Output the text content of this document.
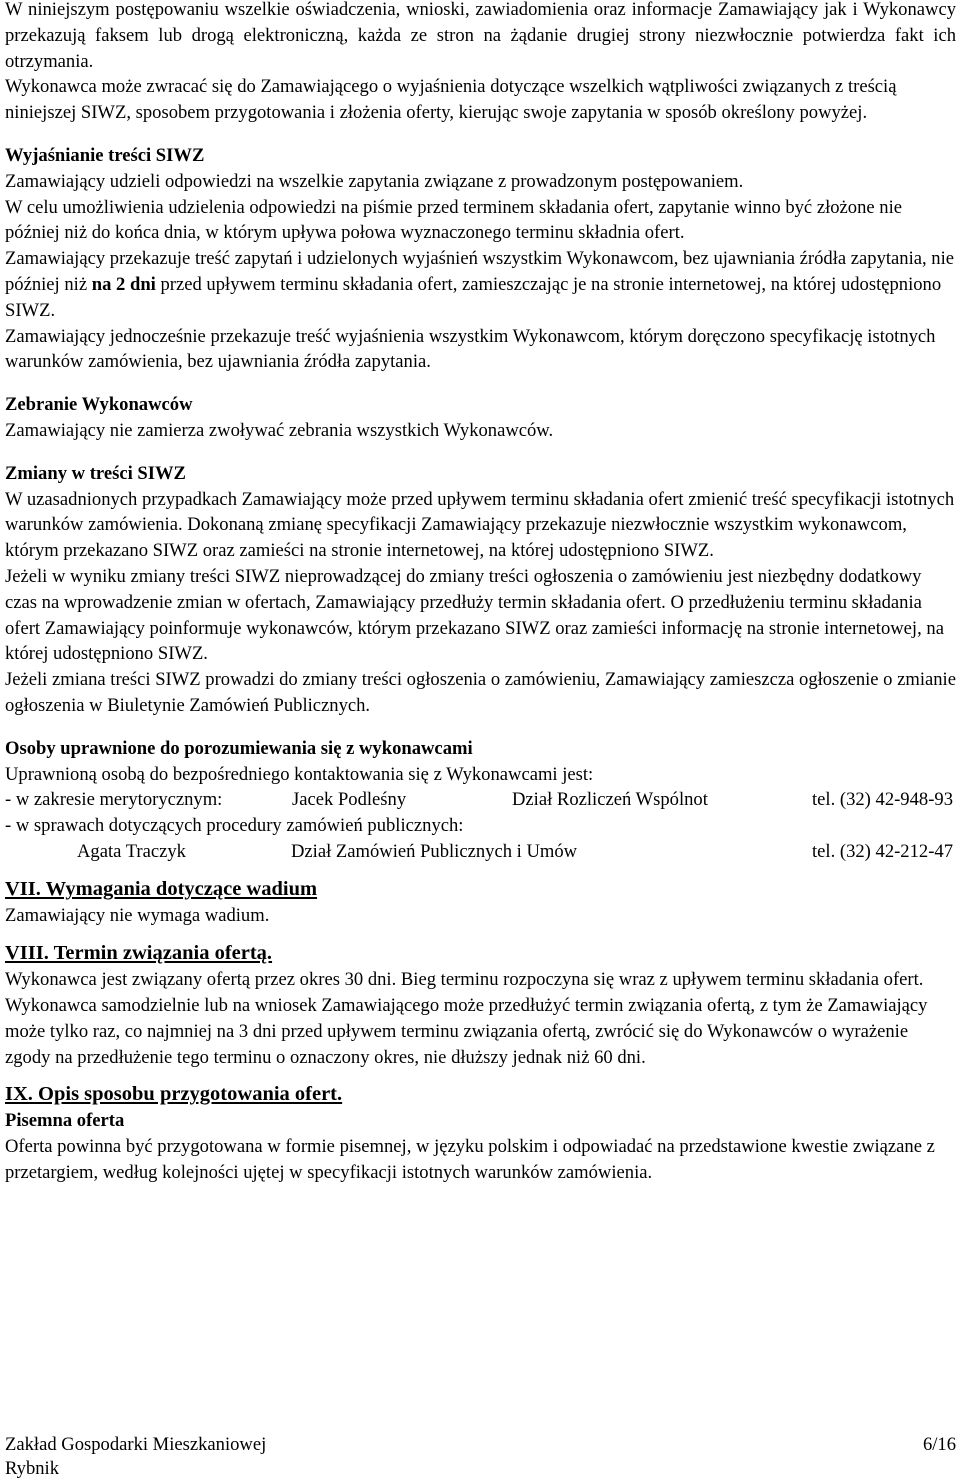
W niniejszym postępowaniu wszelkie oświadczenia, wnioski, zawiadomienia oraz informacje Zamawiający jak i Wykonawcy przekazują faksem lub drogą elektroniczną, każda ze stron na żądanie drugiej strony niezwłocznie potwierdza fakt ich otrzymania.

Wykonawca może zwracać się do Zamawiającego o wyjaśnienia dotyczące wszelkich wątpliwości związanych z treścią niniejszej SIWZ, sposobem przygotowania i złożenia oferty, kierując swoje zapytania w sposób określony powyżej.

Wyjaśnianie treści SIWZ

Zamawiający udzieli odpowiedzi na wszelkie zapytania związane z prowadzonym postępowaniem.

W celu umożliwienia udzielenia odpowiedzi na piśmie przed terminem składania ofert, zapytanie winno być złożone nie później niż do końca dnia, w którym upływa połowa wyznaczonego terminu składnia ofert.

Zamawiający przekazuje treść zapytań i udzielonych wyjaśnień wszystkim Wykonawcom, bez ujawniania źródła zapytania, nie później niż na 2 dni przed upływem terminu składania ofert, zamieszczając je na stronie internetowej, na której udostępniono SIWZ.

Zamawiający jednocześnie przekazuje treść wyjaśnienia wszystkim Wykonawcom, którym doręczono specyfikację istotnych warunków zamówienia, bez ujawniania źródła zapytania.

Zebranie Wykonawców

Zamawiający nie zamierza zwoływać zebrania wszystkich Wykonawców.

Zmiany w treści SIWZ

W uzasadnionych przypadkach Zamawiający może przed upływem terminu składania ofert zmienić treść specyfikacji istotnych warunków zamówienia. Dokonaną zmianę specyfikacji Zamawiający przekazuje niezwłocznie wszystkim wykonawcom, którym przekazano SIWZ oraz zamieści na stronie internetowej, na której udostępniono SIWZ.

Jeżeli w wyniku zmiany treści SIWZ nieprowadzącej do zmiany treści ogłoszenia o zamówieniu jest niezbędny dodatkowy czas na wprowadzenie zmian w ofertach, Zamawiający przedłuży termin składania ofert. O przedłużeniu terminu składania ofert Zamawiający poinformuje wykonawców, którym przekazano SIWZ oraz zamieści informację na stronie internetowej, na której udostępniono SIWZ.

Jeżeli zmiana treści SIWZ prowadzi do zmiany treści ogłoszenia o zamówieniu, Zamawiający zamieszcza ogłoszenie o zmianie ogłoszenia w Biuletynie Zamówień Publicznych.

Osoby uprawnione do porozumiewania się z wykonawcami

Uprawnioną osobą do bezpośredniego kontaktowania się z Wykonawcami jest:

- w zakresie merytorycznym:	Jacek Podleśny	Dział Rozliczeń Wspólnot	tel. (32) 42-948-93
- w sprawach dotyczących procedury zamówień publicznych:
Agata Traczyk	Dział Zamówień Publicznych i Umów	tel. (32) 42-212-47
VII. Wymagania dotyczące wadium

Zamawiający nie wymaga wadium.

VIII. Termin związania ofertą.

Wykonawca jest związany ofertą przez okres 30 dni. Bieg terminu rozpoczyna się wraz z upływem terminu składania ofert.

Wykonawca samodzielnie lub na wniosek Zamawiającego może przedłużyć termin związania ofertą, z tym że Zamawiający może tylko raz, co najmniej na 3 dni przed upływem terminu związania ofertą, zwrócić się do Wykonawców o wyrażenie zgody na przedłużenie tego terminu o oznaczony okres, nie dłuższy jednak niż 60 dni.

IX. Opis sposobu przygotowania ofert.
Pisemna oferta

Oferta powinna być przygotowana w formie pisemnej, w języku polskim i odpowiadać na przedstawione kwestie związane z przetargiem, według kolejności ujętej w specyfikacji istotnych warunków zamówienia.

Zakład Gospodarki Mieszkaniowej	6/16
Rybnik
